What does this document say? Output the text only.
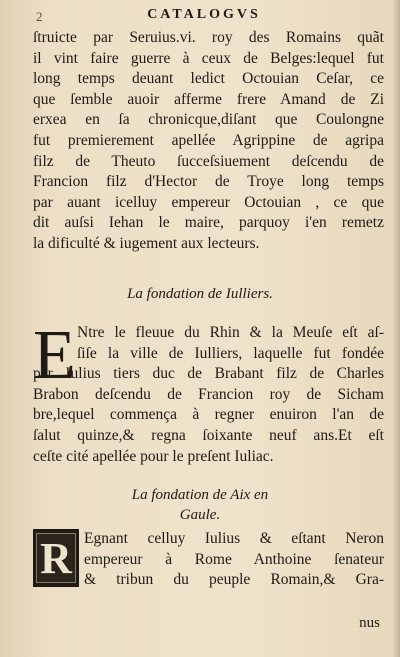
2	CATALOGVS
ſtruicte par Seruius.vi. roy des Romains quãt
il vint faire guerre à ceux de Belges:lequel fut
long temps deuant ledict Octouian Ceſar, ce
que ſemble auoir afferme frere Amand de Zi
erxea en ſa chronicque,diſant que Coulongne
fut premierement apellée Agrippine de agripa
filz de Theuto ſucceſsiuement deſcendu de
Francion filz d'Hector de Troye long temps
par auant icelluy empereur Octouian , ce que
dit auſsi Iehan le maire, parquoy i'en remetz
la dificulté & iugement aux lecteurs.
La fondation de Iulliers.
E Ntre le fleuue du Rhin & la Meuſe eſt aſ-
ſiſe la ville de Iulliers, laquelle fut fondée
par Iulius tiers duc de Brabant filz de Charles
Brabon deſcendu de Francion roy de Sicham
bre,lequel commença à regner enuiron l'an de
ſalut quinze,& regna ſoixante neuf ans.Et eſt
ceſte cité apellée pour le preſent Iuliac.
La fondation de Aix en
Gaule.
R Egnant celluy Iulius & eſtant Neron
empereur à Rome Anthoine ſenateur
& tribun du peuple Romain,& Gra-
nus
